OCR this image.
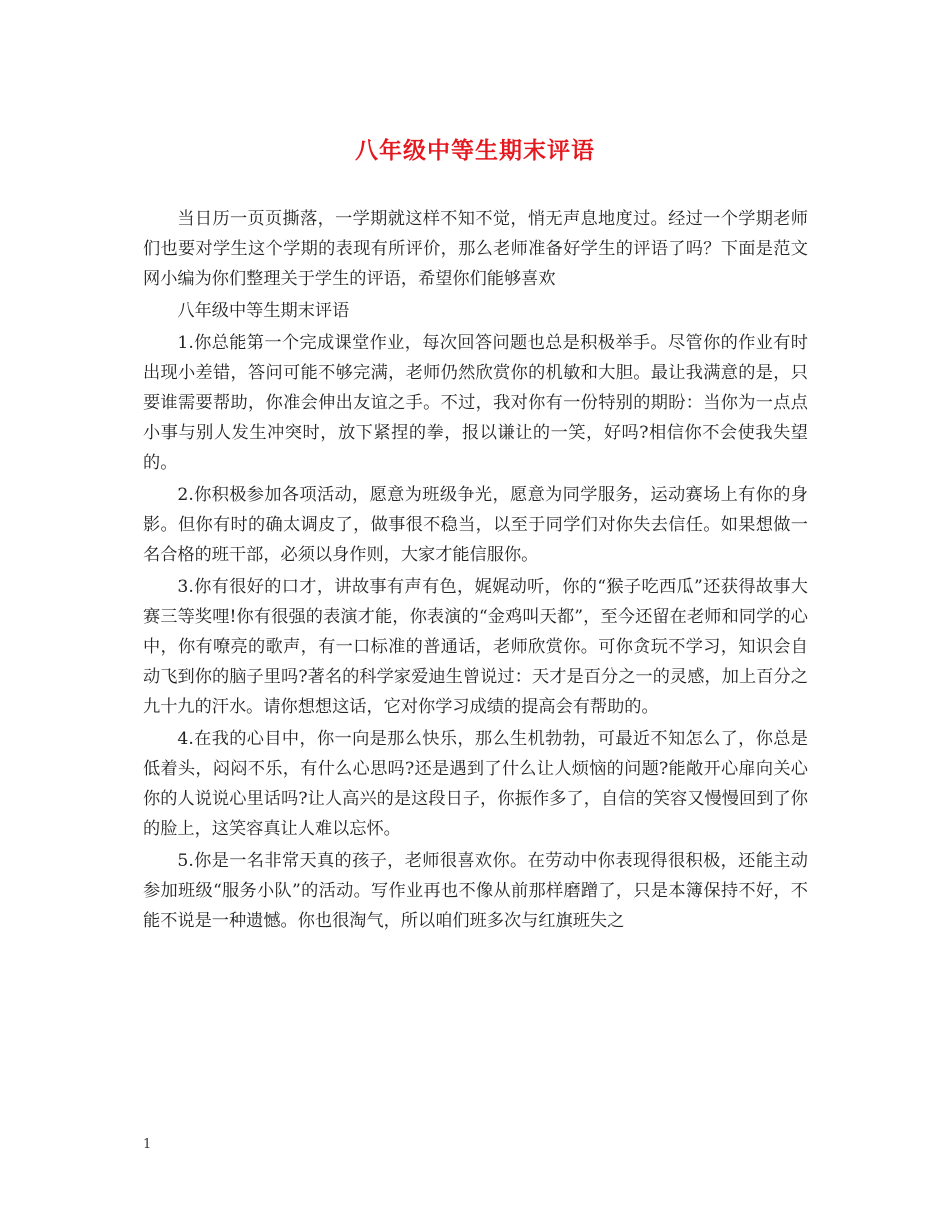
八年级中等生期末评语

当日历一页页撕落，一学期就这样不知不觉，悄无声息地度过。经过一个学期老师们也要对学生这个学期的表现有所评价，那么老师准备好学生的评语了吗？下面是范文网小编为你们整理关于学生的评语，希望你们能够喜欢

八年级中等生期末评语

1.你总能第一个完成课堂作业，每次回答问题也总是积极举手。尽管你的作业有时出现小差错，答问可能不够完满，老师仍然欣赏你的机敏和大胆。最让我满意的是，只要谁需要帮助，你准会伸出友谊之手。不过，我对你有一份特别的期盼：当你为一点点小事与别人发生冲突时，放下紧捏的拳，报以谦让的一笑，好吗?相信你不会使我失望的。

2.你积极参加各项活动，愿意为班级争光，愿意为同学服务，运动赛场上有你的身影。但你有时的确太调皮了，做事很不稳当，以至于同学们对你失去信任。如果想做一名合格的班干部，必须以身作则，大家才能信服你。

3.你有很好的口才，讲故事有声有色，娓娓动听，你的“猴子吃西瓜”还获得故事大赛三等奖哩!你有很强的表演才能，你表演的“金鸡叫天都”，至今还留在老师和同学的心中，你有嘹亮的歌声，有一口标准的普通话，老师欣赏你。可你贪玩不学习，知识会自动飞到你的脑子里吗?著名的科学家爱迪生曾说过：天才是百分之一的灵感，加上百分之九十九的汗水。请你想想这话，它对你学习成绩的提高会有帮助的。

4.在我的心目中，你一向是那么快乐，那么生机勃勃，可最近不知怎么了，你总是低着头，闷闷不乐，有什么心思吗?还是遇到了什么让人烦恼的问题?能敞开心扉向关心你的人说说心里话吗?让人高兴的是这段日子，你振作多了，自信的笑容又慢慢回到了你的脸上，这笑容真让人难以忘怀。

5.你是一名非常天真的孩子，老师很喜欢你。在劳动中你表现得很积极，还能主动参加班级“服务小队”的活动。写作业再也不像从前那样磨蹭了，只是本簿保持不好，不能不说是一种遗憾。你也很淘气，所以咱们班多次与红旗班失之

1
